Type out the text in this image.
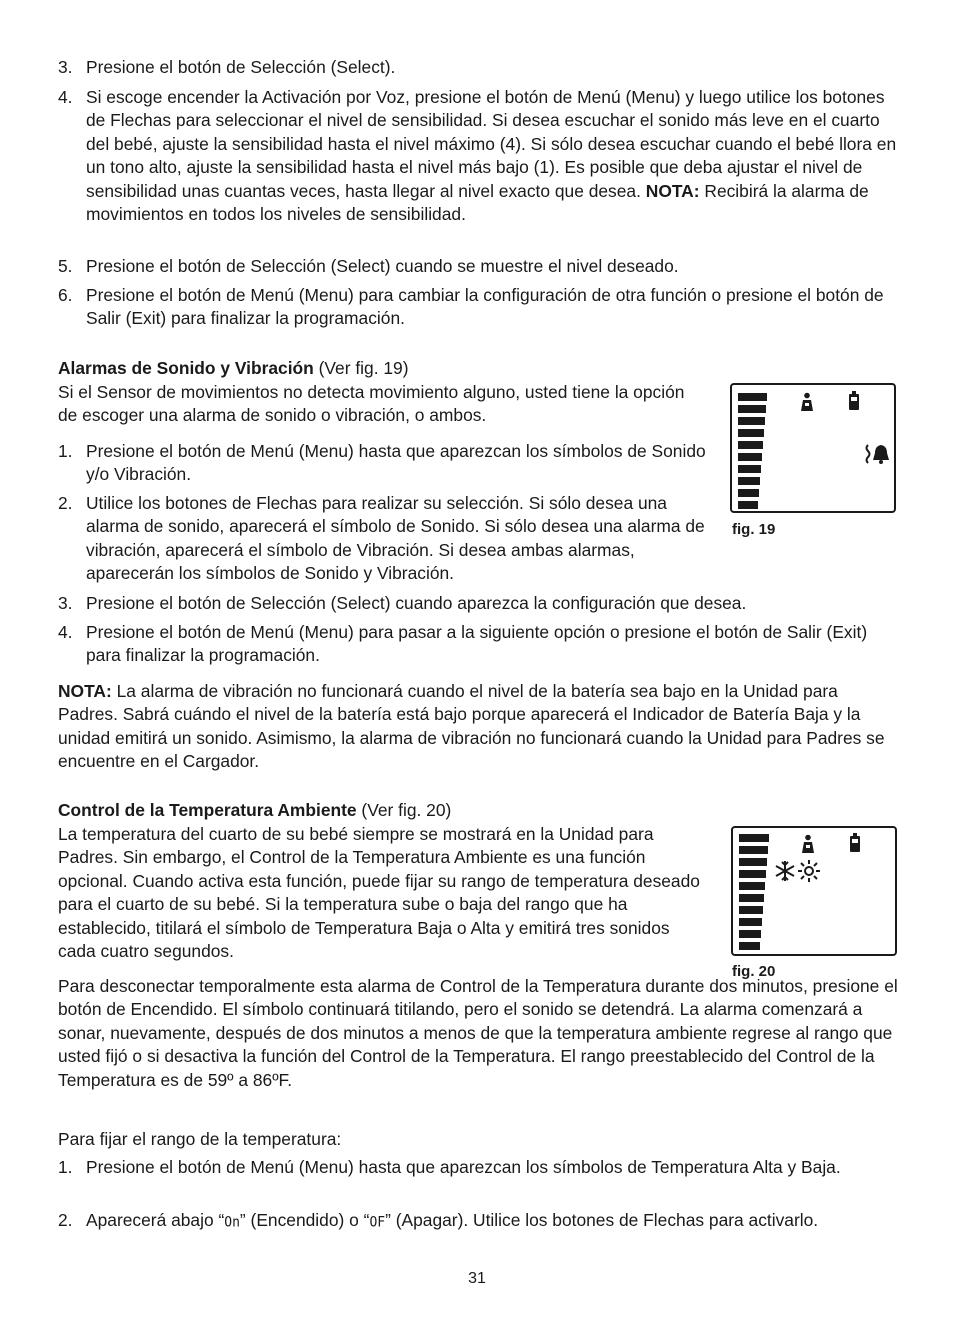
3. Presione el botón de Selección (Select).
4. Si escoge encender la Activación por Voz, presione el botón de Menú (Menu) y luego utilice los botones de Flechas para seleccionar el nivel de sensibilidad. Si desea escuchar el sonido más leve en el cuarto del bebé, ajuste la sensibilidad hasta el nivel máximo (4). Si sólo desea escuchar cuando el bebé llora en un tono alto, ajuste la sensibilidad hasta el nivel más bajo (1). Es posible que deba ajustar el nivel de sensibilidad unas cuantas veces, hasta llegar al nivel exacto que desea. NOTA: Recibirá la alarma de movimientos en todos los niveles de sensibilidad.
5. Presione el botón de Selección (Select) cuando se muestre el nivel deseado.
6. Presione el botón de Menú (Menu) para cambiar la configuración de otra función o presione el botón de Salir (Exit) para finalizar la programación.
Alarmas de Sonido y Vibración (Ver fig. 19)
Si el Sensor de movimientos no detecta movimiento alguno, usted tiene la opción de escoger una alarma de sonido o vibración, o ambos.
1. Presione el botón de Menú (Menu) hasta que aparezcan los símbolos de Sonido y/o Vibración.
2. Utilice los botones de Flechas para realizar su selección. Si sólo desea una alarma de sonido, aparecerá el símbolo de Sonido. Si sólo desea una alarma de vibración, aparecerá el símbolo de Vibración. Si desea ambas alarmas, aparecerán los símbolos de Sonido y Vibración.
3. Presione el botón de Selección (Select) cuando aparezca la configuración que desea.
4. Presione el botón de Menú (Menu) para pasar a la siguiente opción o presione el botón de Salir (Exit) para finalizar la programación.
NOTA: La alarma de vibración no funcionará cuando el nivel de la batería sea bajo en la Unidad para Padres. Sabrá cuándo el nivel de la batería está bajo porque aparecerá el Indicador de Batería Baja y la unidad emitirá un sonido. Asimismo, la alarma de vibración no funcionará cuando la Unidad para Padres se encuentre en el Cargador.
fig. 19
Control de la Temperatura Ambiente (Ver fig. 20)
La temperatura del cuarto de su bebé siempre se mostrará en la Unidad para Padres. Sin embargo, el Control de la Temperatura Ambiente es una función opcional. Cuando activa esta función, puede fijar su rango de temperatura deseado para el cuarto de su bebé. Si la temperatura sube o baja del rango que ha establecido, titilará el símbolo de Temperatura Baja o Alta y emitirá tres sonidos cada cuatro segundos.
Para desconectar temporalmente esta alarma de Control de la Temperatura durante dos minutos, presione el botón de Encendido. El símbolo continuará titilando, pero el sonido se detendrá. La alarma comenzará a sonar, nuevamente, después de dos minutos a menos de que la temperatura ambiente regrese al rango que usted fijó o si desactiva la función del Control de la Temperatura. El rango preestablecido del Control de la Temperatura es de 59º a 86ºF.
Para fijar el rango de la temperatura:
1. Presione el botón de Menú (Menu) hasta que aparezcan los símbolos de Temperatura Alta y Baja.
2. Aparecerá abajo “On” (Encendido) o “OF” (Apagar). Utilice los botones de Flechas para activarlo.
fig. 20
31
